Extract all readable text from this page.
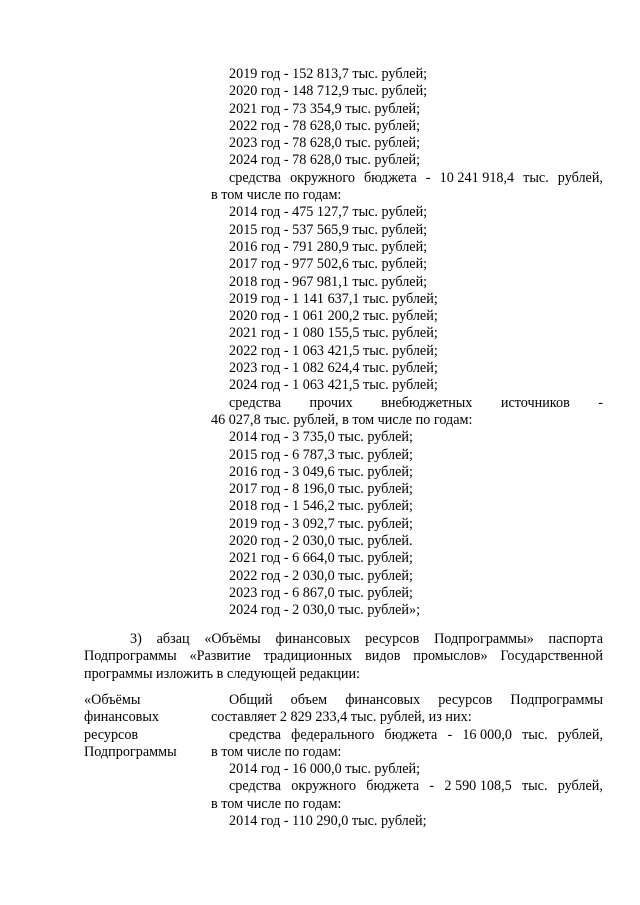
2019 год - 152 813,7 тыс. рублей;
2020 год - 148 712,9 тыс. рублей;
2021 год - 73 354,9 тыс. рублей;
2022 год - 78 628,0 тыс. рублей;
2023 год - 78 628,0 тыс. рублей;
2024 год - 78 628,0 тыс. рублей;
средства окружного бюджета - 10 241 918,4 тыс. рублей,
в том числе по годам:
2014 год - 475 127,7 тыс. рублей;
2015 год - 537 565,9 тыс. рублей;
2016 год - 791 280,9 тыс. рублей;
2017 год - 977 502,6 тыс. рублей;
2018 год - 967 981,1 тыс. рублей;
2019 год - 1 141 637,1 тыс. рублей;
2020 год - 1 061 200,2 тыс. рублей;
2021 год - 1 080 155,5 тыс. рублей;
2022 год - 1 063 421,5 тыс. рублей;
2023 год - 1 082 624,4 тыс. рублей;
2024 год - 1 063 421,5 тыс. рублей;
средства прочих внебюджетных источников -
46 027,8 тыс. рублей, в том числе по годам:
2014 год - 3 735,0 тыс. рублей;
2015 год - 6 787,3 тыс. рублей;
2016 год - 3 049,6 тыс. рублей;
2017 год - 8 196,0 тыс. рублей;
2018 год - 1 546,2 тыс. рублей;
2019 год - 3 092,7 тыс. рублей;
2020 год - 2 030,0 тыс. рублей.
2021 год - 6 664,0 тыс. рублей;
2022 год - 2 030,0 тыс. рублей;
2023 год - 6 867,0 тыс. рублей;
2024 год - 2 030,0 тыс. рублей»;
3) абзац «Объёмы финансовых ресурсов Подпрограммы» паспорта
Подпрограммы «Развитие традиционных видов промыслов» Государственной
программы изложить в следующей редакции:
«Объёмы
финансовых
ресурсов
Подпрограммы
Общий объем финансовых ресурсов Подпрограммы
составляет 2 829 233,4 тыс. рублей, из них:
средства федерального бюджета - 16 000,0 тыс. рублей,
в том числе по годам:
2014 год - 16 000,0 тыс. рублей;
средства окружного бюджета - 2 590 108,5 тыс. рублей,
в том числе по годам:
2014 год - 110 290,0 тыс. рублей;
